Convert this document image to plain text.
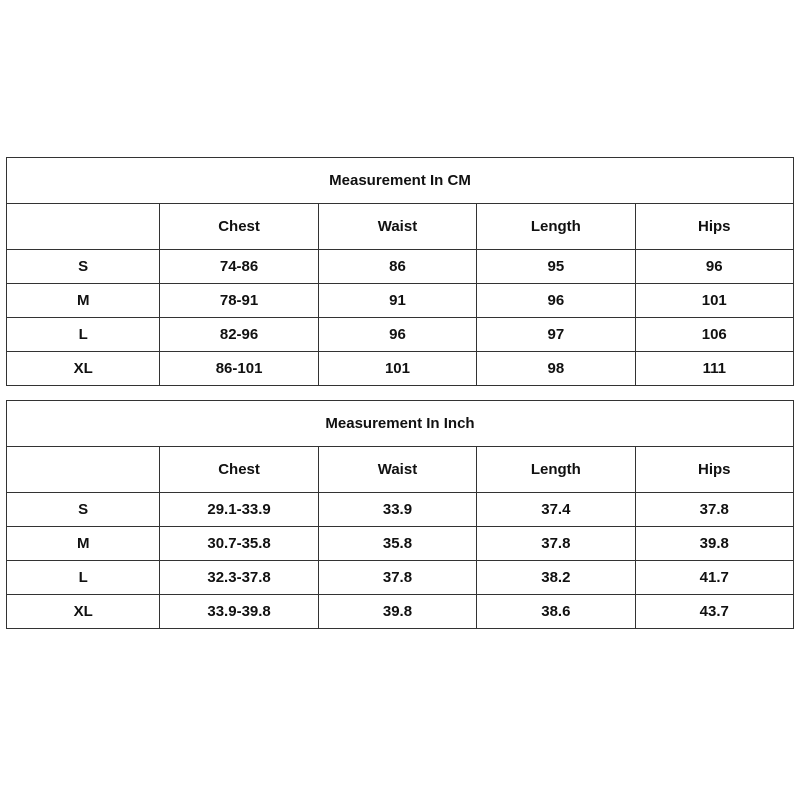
Measurement In CM				
	Chest	Waist	Length	Hips
S	74-86	86	95	96
M	78-91	91	96	101
L	82-96	96	97	106
XL	86-101	101	98	111
Measurement In Inch				
	Chest	Waist	Length	Hips
S	29.1-33.9	33.9	37.4	37.8
M	30.7-35.8	35.8	37.8	39.8
L	32.3-37.8	37.8	38.2	41.7
XL	33.9-39.8	39.8	38.6	43.7
